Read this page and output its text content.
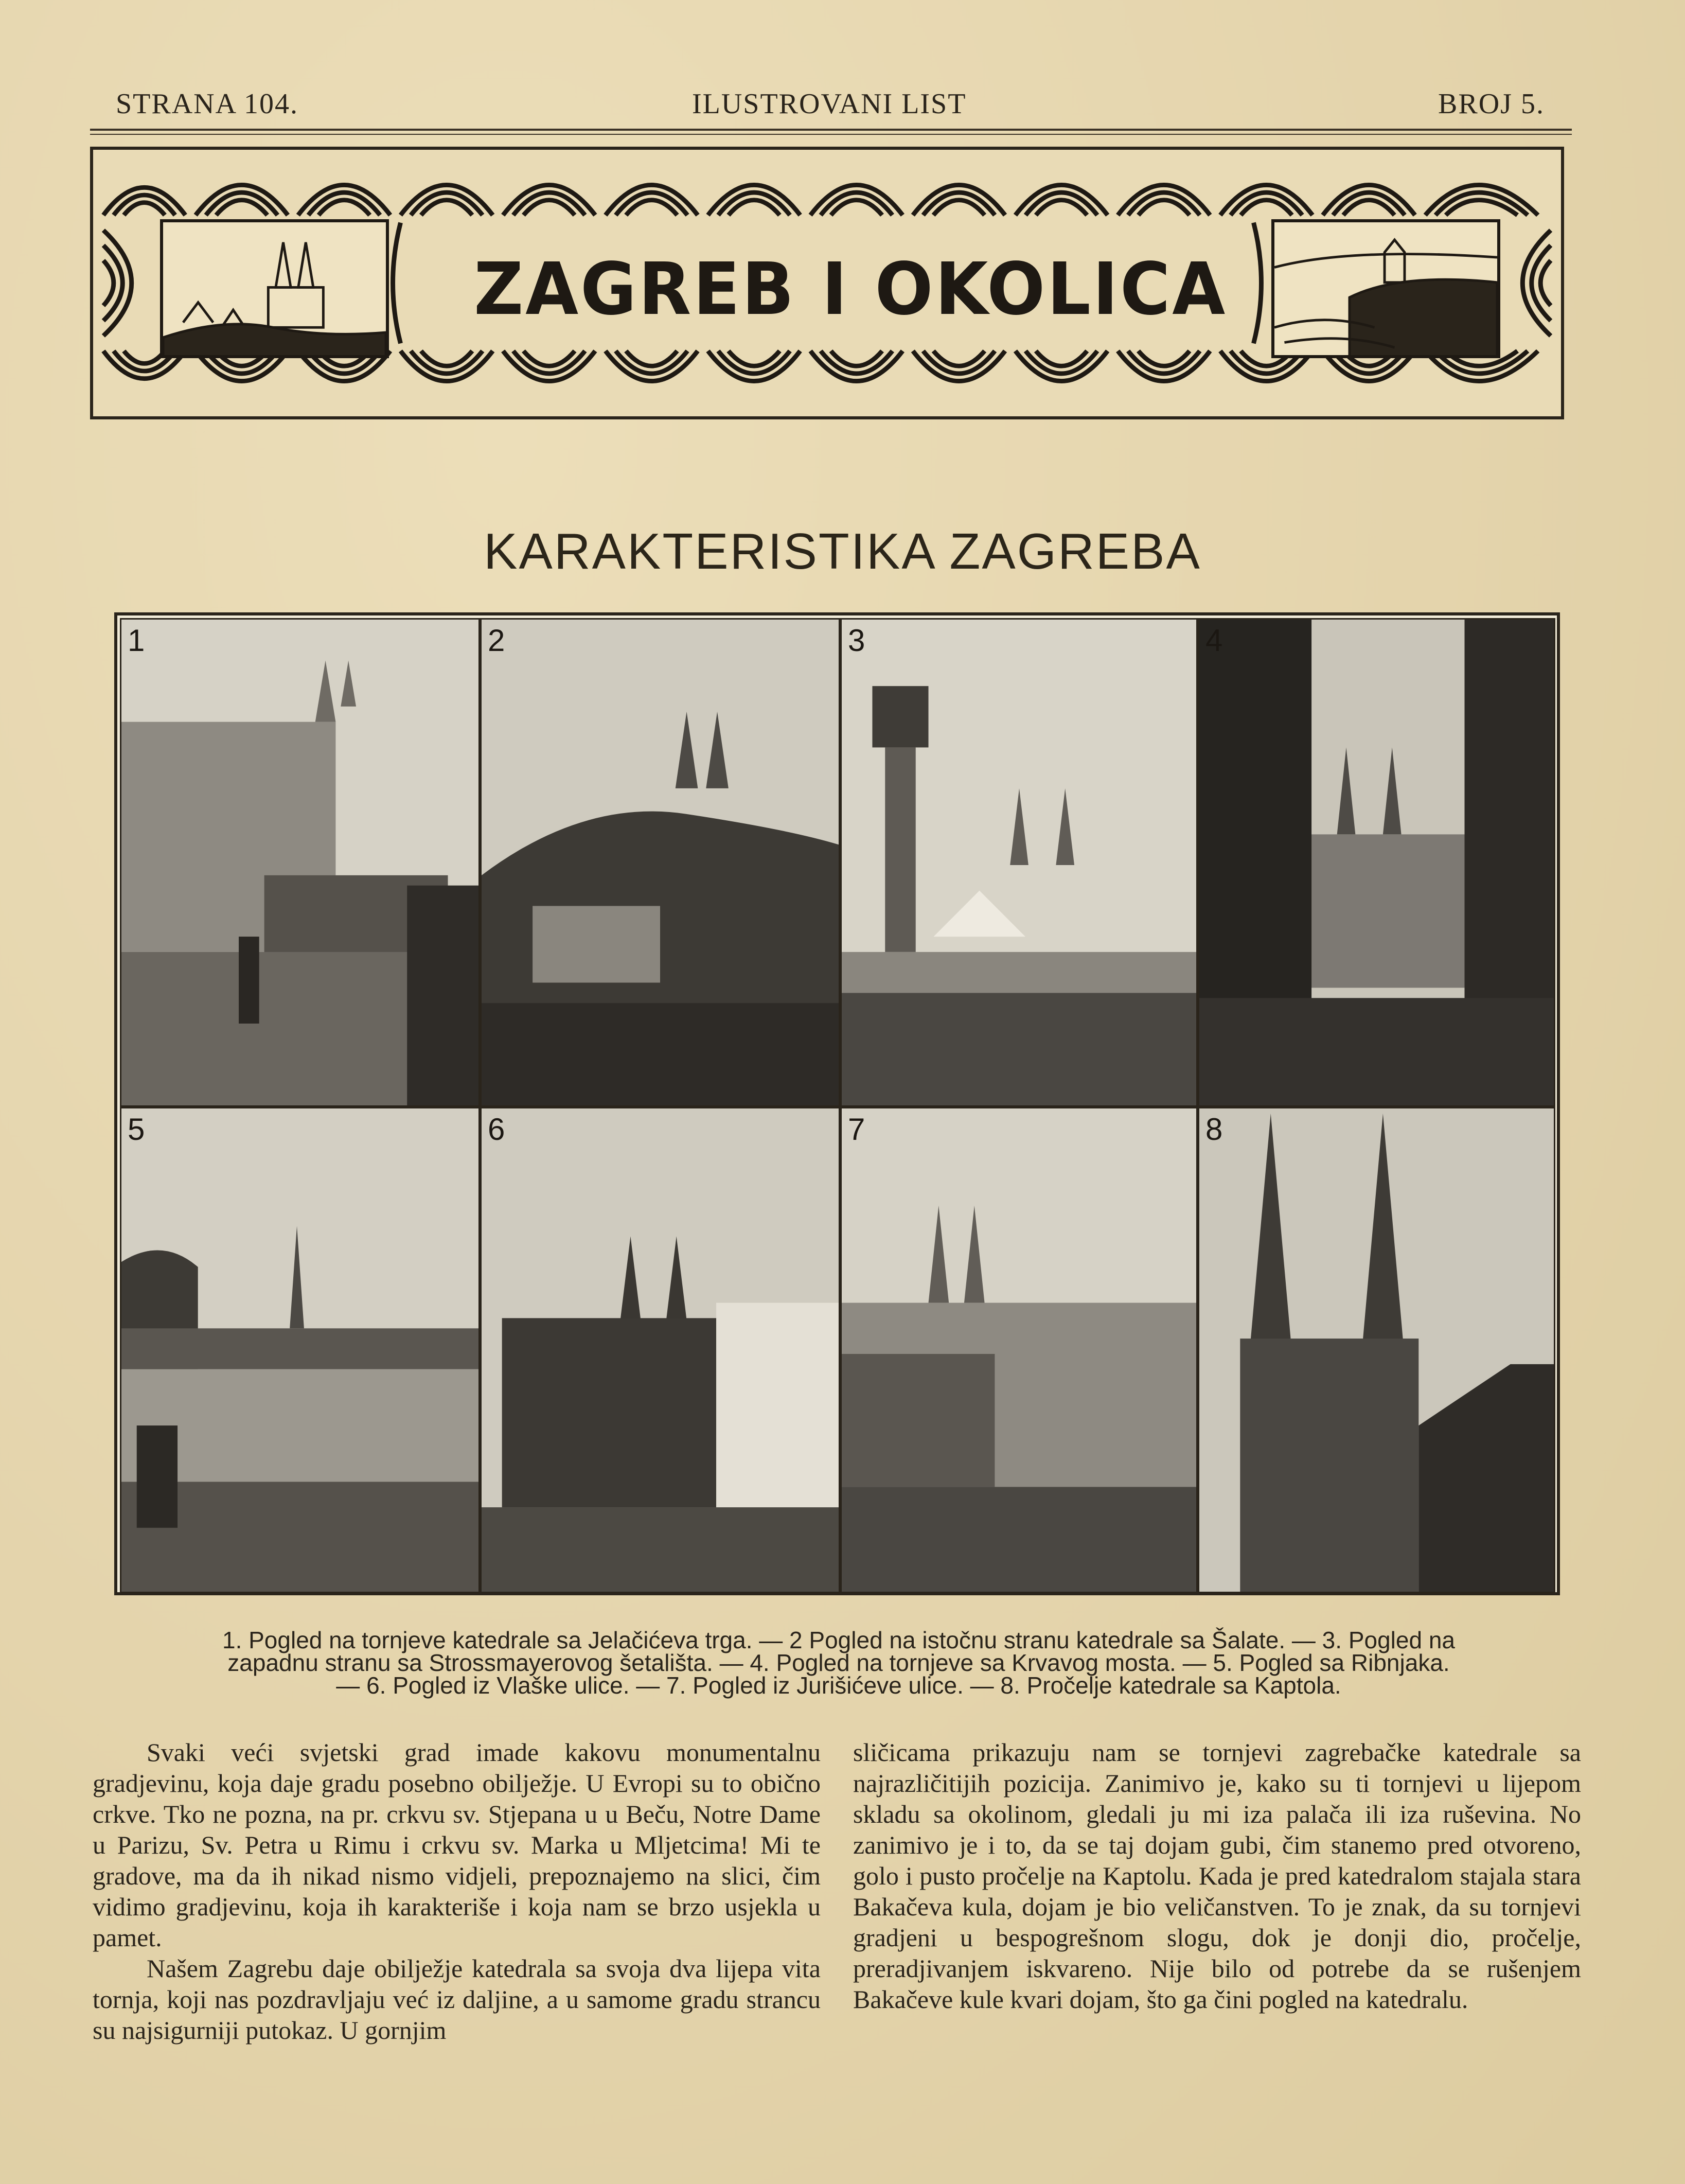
STRANA 104.	ILUSTROVANI LIST	BROJ 5.
ZAGREB I OKOLICA
KARAKTERISTIKA ZAGREBA
1	2	3	4
5	6	7	8

1. Pogled na tornjeve katedrale sa Jelačićeva trga. — 2 Pogled na istočnu stranu katedrale sa Šalate. — 3. Pogled na

zapadnu stranu sa Strossmayerovog šetališta. — 4. Pogled na tornjeve sa Krvavog mosta. — 5. Pogled sa Ribnjaka.

— 6. Pogled iz Vlaške ulice. — 7. Pogled iz Jurišićeve ulice. — 8. Pročelje katedrale sa Kaptola.

Svaki veći svjetski grad imade kakovu monumentalnu gradjevinu, koja daje gradu posebno obilježje. U Evropi su to obično crkve. Tko ne pozna, na pr. crkvu sv. Stjepana u u Beču, Notre Dame u Parizu, Sv. Petra u Rimu i crkvu sv. Marka u Mljetcima! Mi te gradove, ma da ih nikad nismo vidjeli, prepoznajemo na slici, čim vidimo gradjevinu, koja ih karakteriše i koja nam se brzo usjekla u pamet.

Našem Zagrebu daje obilježje katedrala sa svoja dva lijepa vita tornja, koji nas pozdravljaju već iz daljine, a u samome gradu strancu su najsigurniji putokaz. U gornjim

sličicama prikazuju nam se tornjevi zagrebačke katedrale sa najrazličitijih pozicija. Zanimivo je, kako su ti tornjevi u lijepom skladu sa okolinom, gledali ju mi iza palača ili iza ruševina. No zanimivo je i to, da se taj dojam gubi, čim stanemo pred otvoreno, golo i pusto pročelje na Kaptolu. Kada je pred katedralom stajala stara Bakačeva kula, dojam je bio veličanstven. To je znak, da su tornjevi gradjeni u bespogrešnom slogu, dok je donji dio, pročelje, preradjivanjem iskvareno. Nije bilo od potrebe da se rušenjem Bakačeve kule kvari dojam, što ga čini pogled na katedralu.
